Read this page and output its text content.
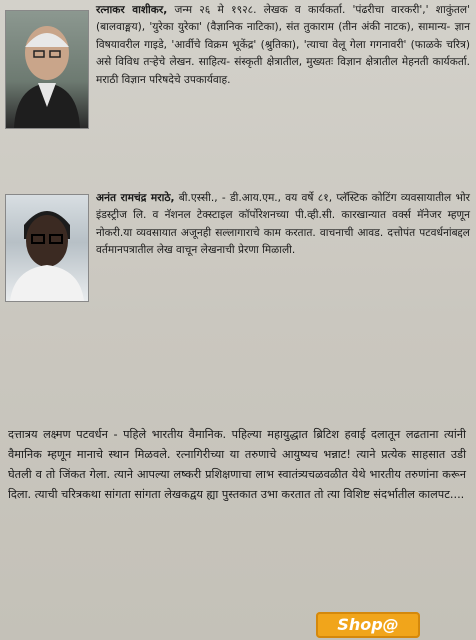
रत्नाकर वाशीकर, जन्म २६ मे १९२८. लेखक व कार्यकर्ता. 'पंढरीचा वारकरी',' शाकुंतल' (बालवाङ्मय), 'युरेका युरेका' (वैज्ञानिक नाटिका), संत तुकाराम (तीन अंकी नाटक), सामान्य- ज्ञान विषयावरील गाइडे, 'आर्वीचे विक्रम भूकेंद्र' (श्रुतिका), 'त्याचा वेलू गेला गगनावरी' (फाळके चरित्र) असे विविध तऱ्हेचे लेखन. साहित्य- संस्कृती क्षेत्रातील, मुख्यतः विज्ञान क्षेत्रातील मेहनती कार्यकर्ता. मराठी विज्ञान परिषदेचे उपकार्यवाह.

अनंत रामचंद्र मराठे, बी.एस्सी., - डी.आय.एम., वय वर्षे ८१, प्लॅस्टिक कोटिंग व्यवसायातील भोर इंडस्ट्रीज लि. व नॅशनल टेक्स्टाइल कॉर्पोरेशनच्या पी.व्ही.सी. कारखान्यात वर्क्स मॅनेजर म्हणून नोकरी.या व्यवसायात अजूनही सल्लागाराचे काम करतात. वाचनाची आवड. दत्तोपंत पटवर्धनांबद्दल वर्तमानपत्रातील लेख वाचून लेखनाची प्रेरणा मिळाली.

दत्तात्रय लक्ष्मण पटवर्धन - पहिले भारतीय वैमानिक. पहिल्या महायुद्धात ब्रिटिश हवाई दलातून लढताना त्यांनी वैमानिक म्हणून मानाचे स्थान मिळवले. रत्नागिरीच्या या तरुणाचे आयुष्यच भन्नाट! त्याने प्रत्येक साहसात उडी घेतली व तो जिंकत गेला. त्याने आपल्या लष्करी प्रशिक्षणाचा लाभ स्वातंत्र्यचळवळीत येथे भारतीय तरुणांना करून दिला. त्याची चरित्रकथा सांगता सांगता लेखकद्वय ह्या पुस्तकात उभा करतात तो त्या विशिष्ट संदर्भातील कालपट....

Shop@
